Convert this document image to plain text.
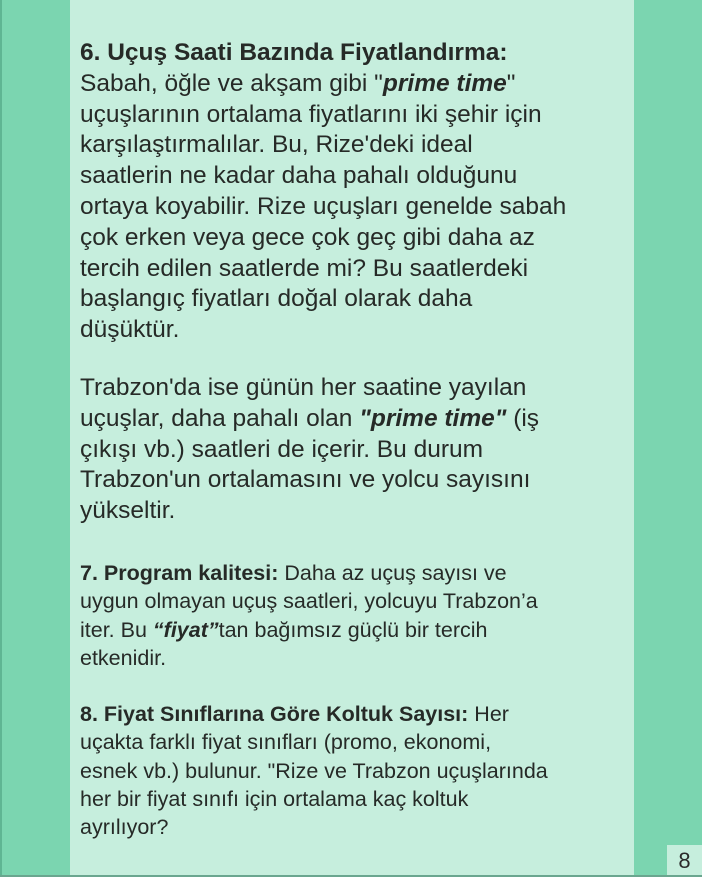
6. Uçuş Saati Bazında Fiyatlandırma:
Sabah, öğle ve akşam gibi "prime time"
uçuşlarının ortalama fiyatlarını iki şehir için
karşılaştırmalılar. Bu, Rize'deki ideal
saatlerin ne kadar daha pahalı olduğunu
ortaya koyabilir. Rize uçuşları genelde sabah
çok erken veya gece çok geç gibi daha az
tercih edilen saatlerde mi? Bu saatlerdeki
başlangıç fiyatları doğal olarak daha
düşüktür.
Trabzon'da ise günün her saatine yayılan
uçuşlar, daha pahalı olan "prime time" (iş
çıkışı vb.) saatleri de içerir. Bu durum
Trabzon'un ortalamasını ve yolcu sayısını
yükseltir.
7. Program kalitesi: Daha az uçuş sayısı ve
uygun olmayan uçuş saatleri, yolcuyu Trabzon’a
iter. Bu “fiyat”tan bağımsız güçlü bir tercih
etkenidir.
8. Fiyat Sınıflarına Göre Koltuk Sayısı: Her
uçakta farklı fiyat sınıfları (promo, ekonomi,
esnek vb.) bulunur. "Rize ve Trabzon uçuşlarında
her bir fiyat sınıfı için ortalama kaç koltuk
ayrılıyor?
8
